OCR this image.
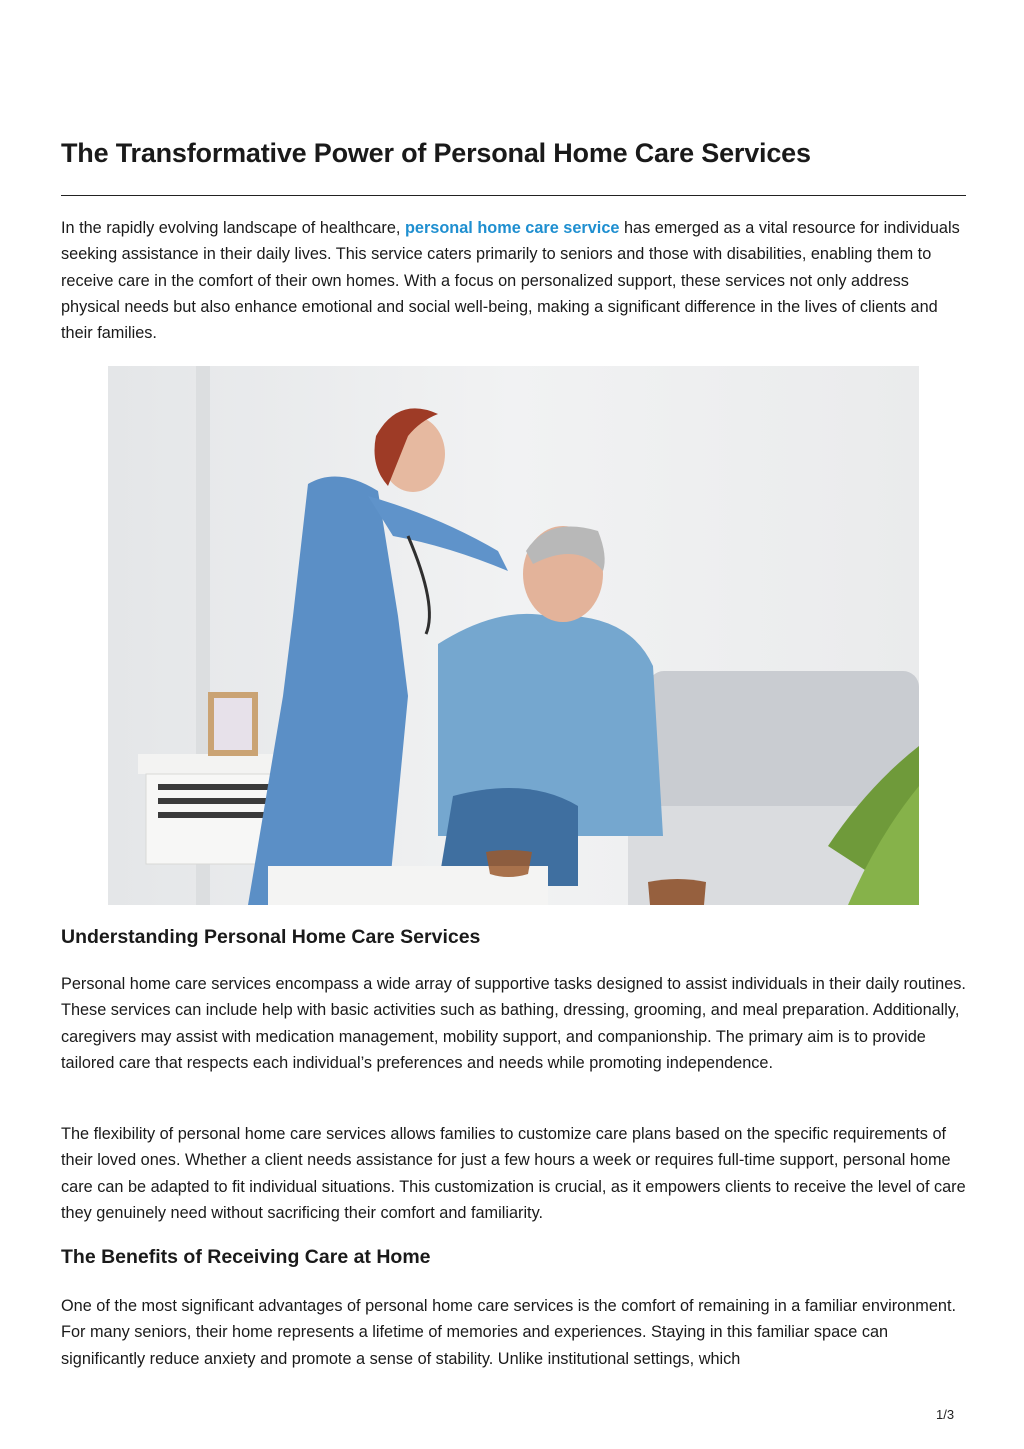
The Transformative Power of Personal Home Care Services

In the rapidly evolving landscape of healthcare, personal home care service has emerged as a vital resource for individuals seeking assistance in their daily lives. This service caters primarily to seniors and those with disabilities, enabling them to receive care in the comfort of their own homes. With a focus on personalized support, these services not only address physical needs but also enhance emotional and social well-being, making a significant difference in the lives of clients and their families.

Understanding Personal Home Care Services

Personal home care services encompass a wide array of supportive tasks designed to assist individuals in their daily routines. These services can include help with basic activities such as bathing, dressing, grooming, and meal preparation. Additionally, caregivers may assist with medication management, mobility support, and companionship. The primary aim is to provide tailored care that respects each individual’s preferences and needs while promoting independence.

The flexibility of personal home care services allows families to customize care plans based on the specific requirements of their loved ones. Whether a client needs assistance for just a few hours a week or requires full-time support, personal home care can be adapted to fit individual situations. This customization is crucial, as it empowers clients to receive the level of care they genuinely need without sacrificing their comfort and familiarity.

The Benefits of Receiving Care at Home

One of the most significant advantages of personal home care services is the comfort of remaining in a familiar environment. For many seniors, their home represents a lifetime of memories and experiences. Staying in this familiar space can significantly reduce anxiety and promote a sense of stability. Unlike institutional settings, which

1/3
